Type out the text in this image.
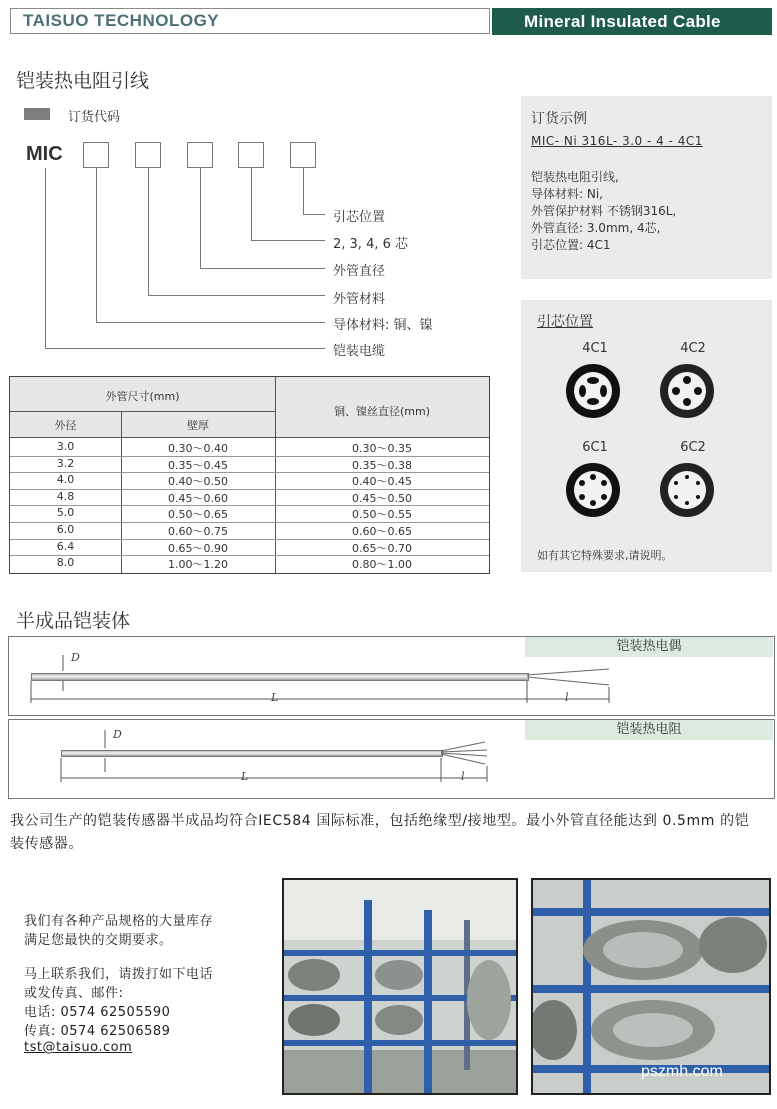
TAISUO TECHNOLOGY	Mineral Insulated Cable
铠装热电阻引线
订货代码
MIC
引芯位置
2, 3, 4, 6 芯
外管直径
外管材料
导体材料: 铜、镍
铠装电缆
外管尺寸(mm)
铜、镍丝直径(mm)
外径	壁厚
3.0	0.30～0.40	0.30～0.35
3.2	0.35～0.45	0.35～0.38
4.0	0.40～0.50	0.40～0.45
4.8	0.45～0.60	0.45～0.50
5.0	0.50～0.65	0.50～0.55
6.0	0.60～0.75	0.60～0.65
6.4	0.65～0.90	0.65～0.70
8.0	1.00～1.20	0.80～1.00
订货示例
MIC- Ni 316L- 3.0 - 4 - 4C1
铠装热电阻引线,
导体材料: Ni,
外管保护材料 不锈钢316L,
外管直径: 3.0mm, 4芯,
引芯位置: 4C1
引芯位置
4C1	4C2
6C1	6C2
如有其它特殊要求,请说明。
半成品铠装体
铠装热电偶
D
L	l
铠装热电阻
D
L	l
我公司生产的铠装传感器半成品均符合IEC584 国际标准，包括绝缘型/接地型。最小外管直径能达到 0.5mm 的铠装传感器。
我们有各种产品规格的大量库存
满足您最快的交期要求。
马上联系我们，请拨打如下电话
或发传真、邮件:
电话: 0574 62505590
传真: 0574 62506589
tst@taisuo.com
pszmh.com
